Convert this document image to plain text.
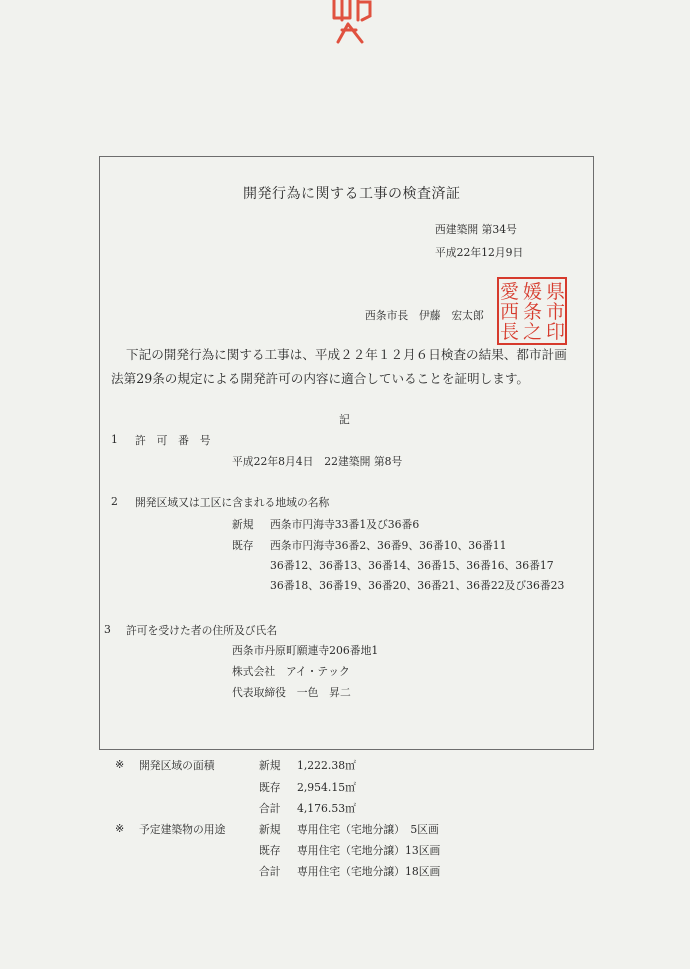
開発行為に関する工事の検査済証
西建築開 第34号
平成22年12月9日
県
市
印
媛
条
之
愛
西
長
西条市長　伊藤　宏太郎
下記の開発行為に関する工事は、平成２２年１２月６日検査の結果、都市計画
法第29条の規定による開発許可の内容に適合していることを証明します。
記
1 許　可　番　号
平成22年8月4日　22建築開 第8号
2 開発区域又は工区に含まれる地域の名称
新規 西条市円海寺33番1及び36番6
既存 西条市円海寺36番2、36番9、36番10、36番11
36番12、36番13、36番14、36番15、36番16、36番17
36番18、36番19、36番20、36番21、36番22及び36番23
3 許可を受けた者の住所及び氏名
西条市丹原町願連寺206番地1
株式会社　アイ・テック
代表取締役　一色　昇二
※ 開発区域の面積	新規 1,222.38㎡
既存 2,954.15㎡
合計 4,176.53㎡
※ 予定建築物の用途	新規 専用住宅（宅地分譲）　5区画
既存 専用住宅（宅地分譲）13区画
合計 専用住宅（宅地分譲）18区画
